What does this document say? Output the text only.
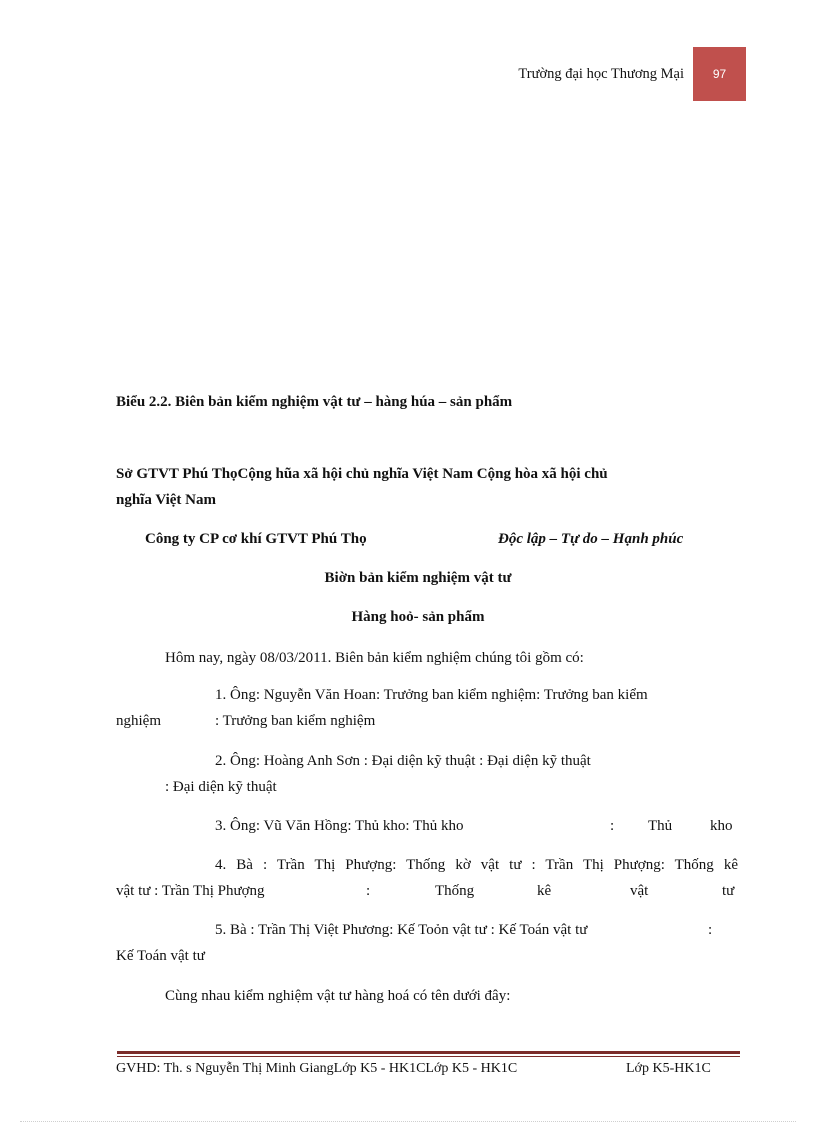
Trường đại học Thương Mại	97
Biểu 2.2. Biên bản kiểm nghiệm vật tư – hàng húa – sản phẩm
Sở GTVT Phú ThọCộng hũa xã hội chủ nghĩa Việt Nam Cộng hòa xã hội chủ
nghĩa Việt Nam
Công ty CP cơ khí GTVT Phú Thọ	Độc lập – Tự do – Hạnh phúc
Biờn bản kiểm nghiệm vật tư
Hàng hoỏ- sản phẩm
Hôm nay, ngày 08/03/2011. Biên bản kiểm nghiệm chúng tôi gồm có:
1. Ông: Nguyễn Văn Hoan: Trưởng ban kiểm nghiệm: Trưởng ban kiểm
nghiệm	: Trưởng ban kiểm nghiệm
2. Ông: Hoàng Anh Sơn : Đại diện kỹ thuật : Đại diện kỹ thuật
: Đại diện kỹ thuật
3. Ông: Vũ Văn Hồng: Thủ kho: Thủ kho	: Thủ	kho
4. Bà : Trần Thị Phượng: Thống kờ vật tư : Trần Thị Phượng: Thống kê
vật tư : Trần Thị Phượng	:	Thống	kê	vật	tư
5. Bà : Trần Thị Việt Phương: Kế Toỏn vật tư : Kế Toán vật tư	:
Kế Toán vật tư
Cùng nhau kiểm nghiệm vật tư hàng hoá có tên dưới đây:
GVHD: Th. s Nguyễn Thị Minh GiangLớp K5 - HK1CLớp K5 - HK1C	Lớp K5-HK1C
